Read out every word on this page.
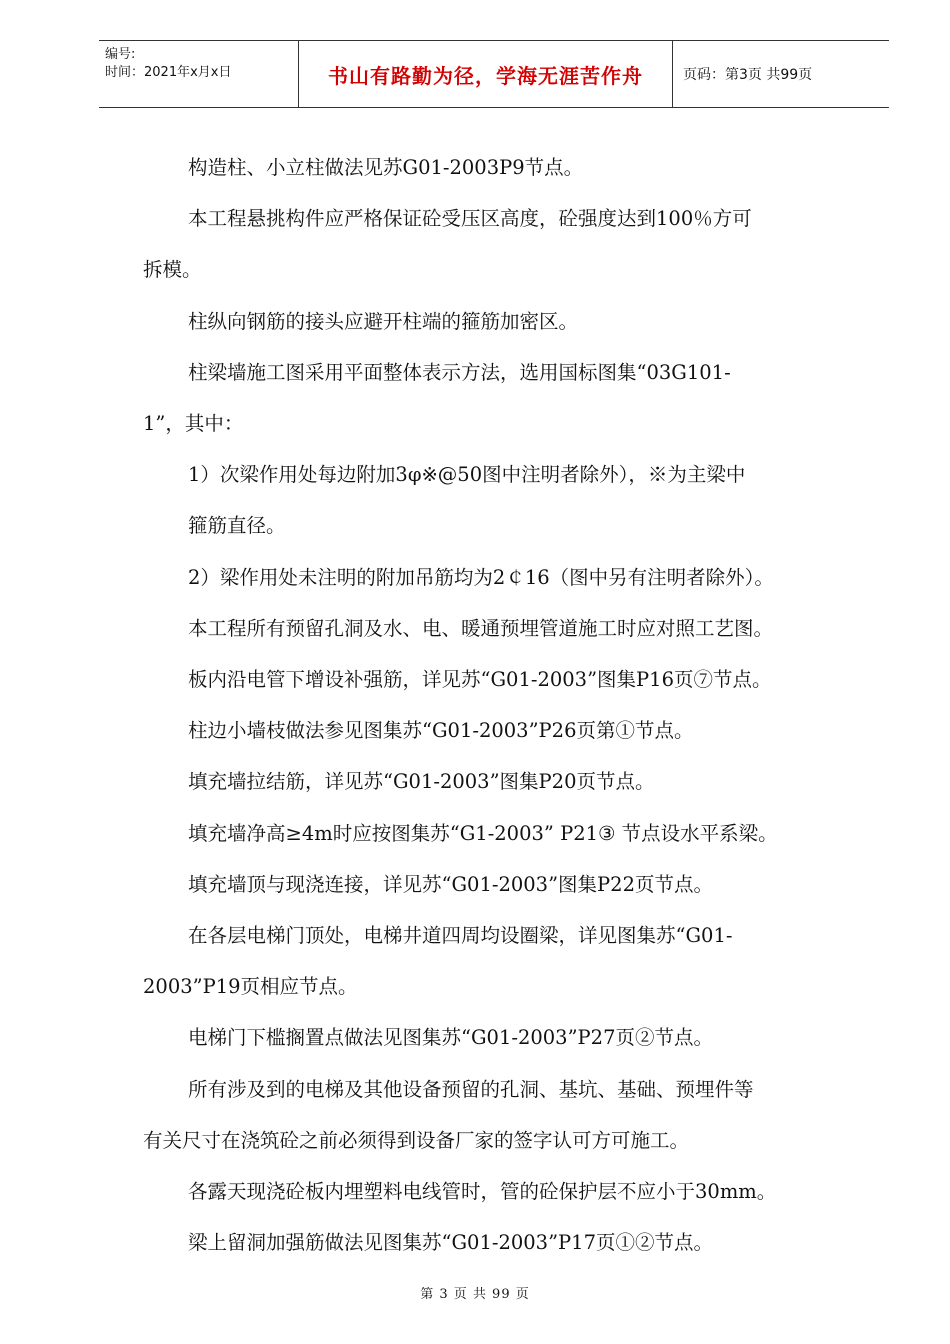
编号:
时间：2021年x月x日	书山有路勤为径，学海无涯苦作舟	页码：第3页 共99页

构造柱、小立柱做法见苏G01-2003P9节点。

本工程悬挑构件应严格保证砼受压区高度，砼强度达到100％方可

拆模。

柱纵向钢筋的接头应避开柱端的箍筋加密区。

柱梁墙施工图采用平面整体表示方法，选用国标图集“03G101-

1”，其中：

1）次梁作用处每边附加3φ※@50图中注明者除外），※为主梁中

箍筋直径。

2）梁作用处未注明的附加吊筋均为2￠16（图中另有注明者除外）。

本工程所有预留孔洞及水、电、暖通预埋管道施工时应对照工艺图。

板内沿电管下增设补强筋，详见苏“G01-2003”图集P16页⑦节点。

柱边小墙枝做法参见图集苏“G01-2003”P26页第①节点。

填充墙拉结筋，详见苏“G01-2003”图集P20页节点。

填充墙净高≥4m时应按图集苏“G1-2003” P21③ 节点设水平系梁。

填充墙顶与现浇连接，详见苏“G01-2003”图集P22页节点。

在各层电梯门顶处，电梯井道四周均设圈梁，详见图集苏“G01-

2003”P19页相应节点。

电梯门下槛搁置点做法见图集苏“G01-2003”P27页②节点。

所有涉及到的电梯及其他设备预留的孔洞、基坑、基础、预埋件等

有关尺寸在浇筑砼之前必须得到设备厂家的签字认可方可施工。

各露天现浇砼板内埋塑料电线管时，管的砼保护层不应小于30mm。

梁上留洞加强筋做法见图集苏“G01-2003”P17页①②节点。

第 3 页 共 99 页
